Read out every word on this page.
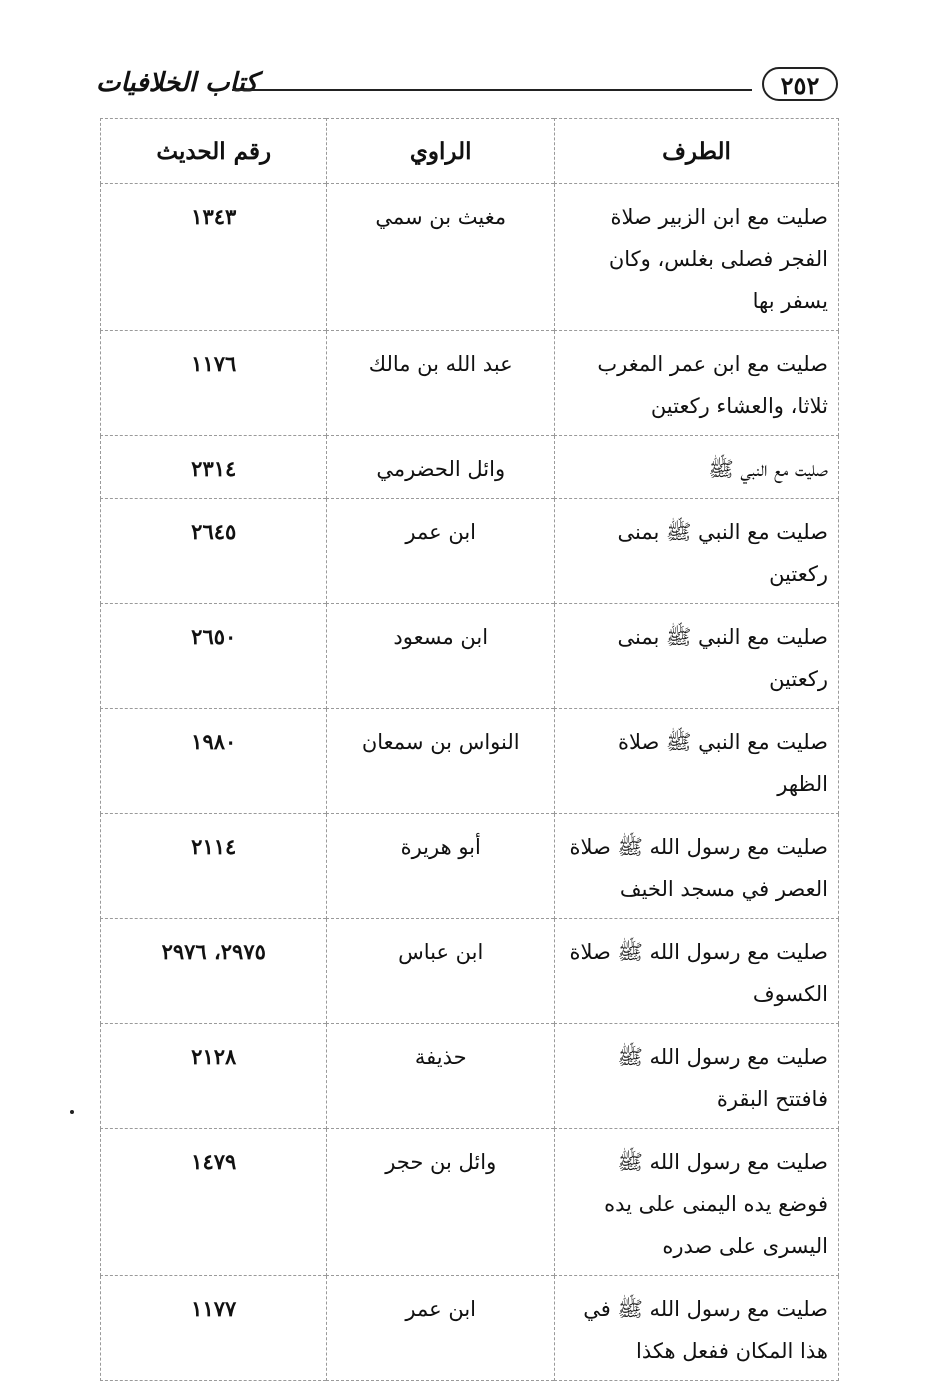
كتاب الخلافيات	٢٥٢
الطرف	الراوي	رقم الحديث
صليت مع ابن الزبير صلاة الفجر فصلى بغلس، وكان يسفر بها	مغيث بن سمي	١٣٤٣
صليت مع ابن عمر المغرب ثلاثا، والعشاء ركعتين	عبد الله بن مالك	١١٧٦
صليت مع النبي ﷺ	وائل الحضرمي	٢٣١٤
صليت مع النبي ﷺ بمنى ركعتين	ابن عمر	٢٦٤٥
صليت مع النبي ﷺ بمنى ركعتين	ابن مسعود	٢٦٥٠
صليت مع النبي ﷺ صلاة الظهر	النواس بن سمعان	١٩٨٠
صليت مع رسول الله ﷺ صلاة العصر في مسجد الخيف	أبو هريرة	٢١١٤
صليت مع رسول الله ﷺ صلاة الكسوف	ابن عباس	٢٩٧٥، ٢٩٧٦
صليت مع رسول الله ﷺ فافتتح البقرة	حذيفة	٢١٢٨
صليت مع رسول الله ﷺ فوضع يده اليمنى على يده اليسرى على صدره	وائل بن حجر	١٤٧٩
صليت مع رسول الله ﷺ في هذا المكان ففعل هكذا	ابن عمر	١١٧٧
